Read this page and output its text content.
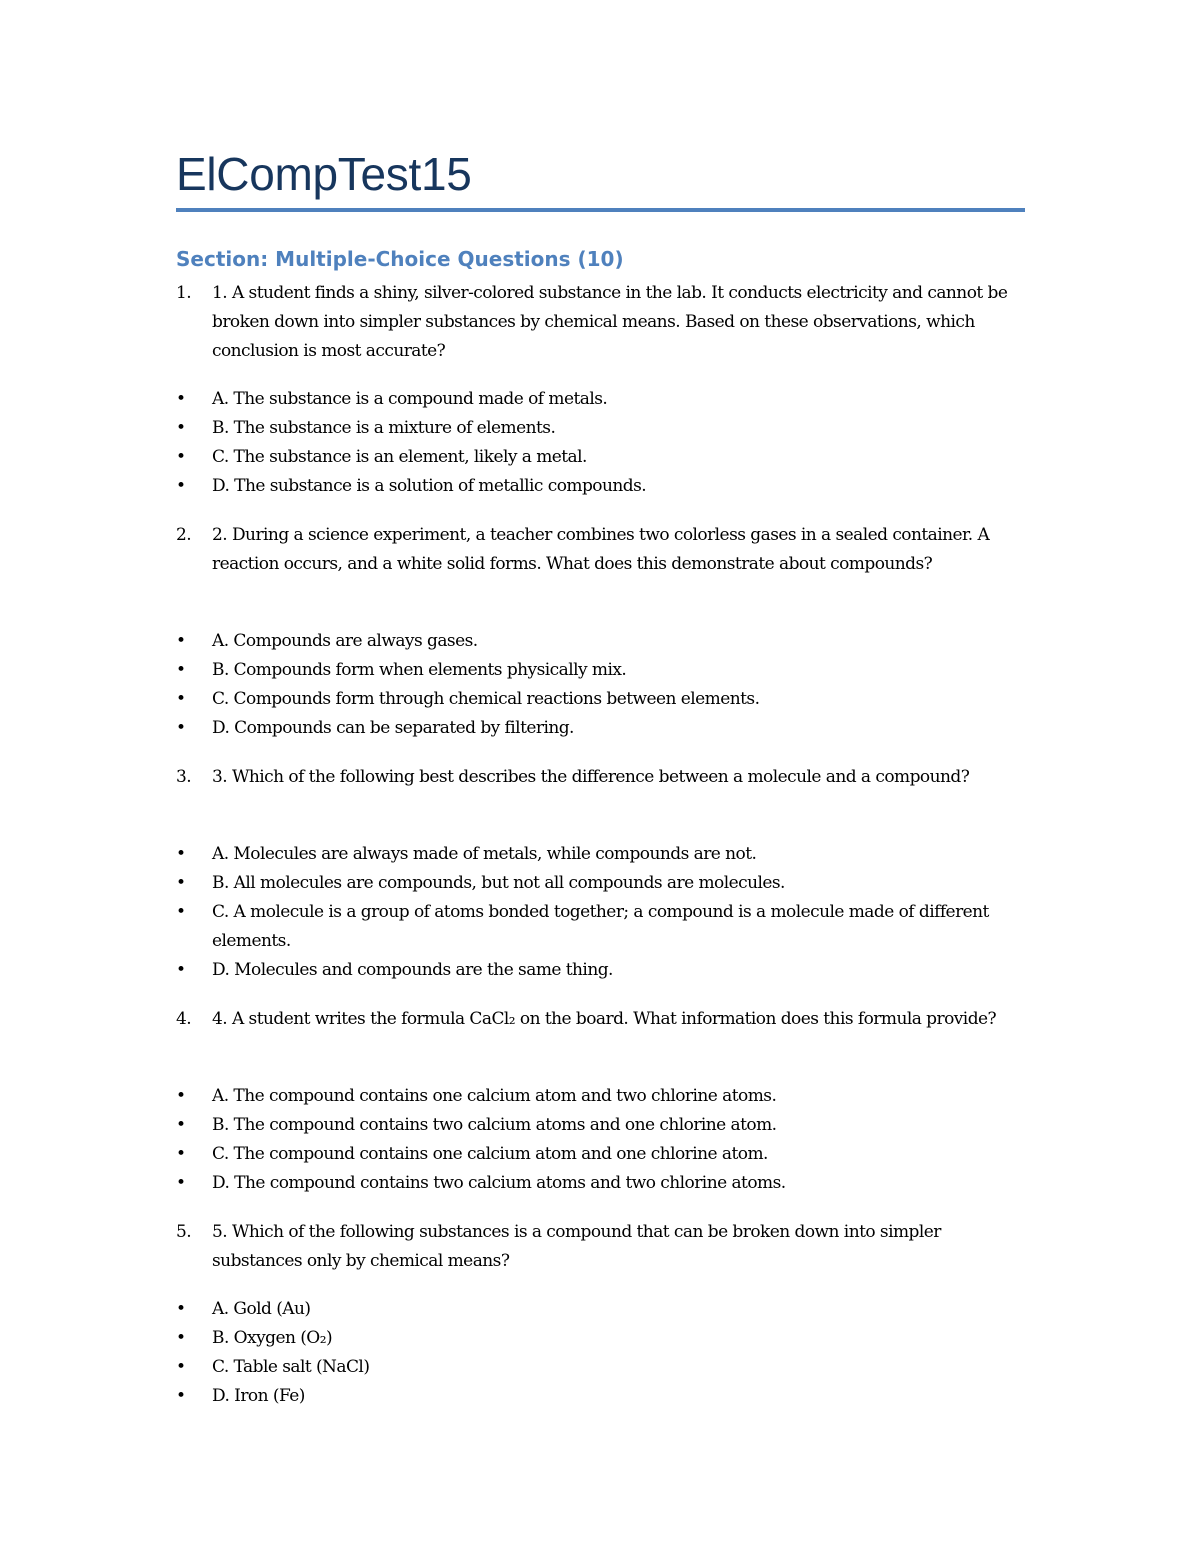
ElCompTest15
Section: Multiple-Choice Questions (10)
1. 1. A student finds a shiny, silver-colored substance in the lab. It conducts electricity and cannot be broken down into simpler substances by chemical means. Based on these observations, which conclusion is most accurate?
• A. The substance is a compound made of metals.
• B. The substance is a mixture of elements.
• C. The substance is an element, likely a metal.
• D. The substance is a solution of metallic compounds.
2. 2. During a science experiment, a teacher combines two colorless gases in a sealed container. A reaction occurs, and a white solid forms. What does this demonstrate about compounds?
• A. Compounds are always gases.
• B. Compounds form when elements physically mix.
• C. Compounds form through chemical reactions between elements.
• D. Compounds can be separated by filtering.
3. 3. Which of the following best describes the difference between a molecule and a compound?
• A. Molecules are always made of metals, while compounds are not.
• B. All molecules are compounds, but not all compounds are molecules.
• C. A molecule is a group of atoms bonded together; a compound is a molecule made of different elements.
• D. Molecules and compounds are the same thing.
4. 4. A student writes the formula CaCl₂ on the board. What information does this formula provide?
• A. The compound contains one calcium atom and two chlorine atoms.
• B. The compound contains two calcium atoms and one chlorine atom.
• C. The compound contains one calcium atom and one chlorine atom.
• D. The compound contains two calcium atoms and two chlorine atoms.
5. 5. Which of the following substances is a compound that can be broken down into simpler substances only by chemical means?
• A. Gold (Au)
• B. Oxygen (O₂)
• C. Table salt (NaCl)
• D. Iron (Fe)
